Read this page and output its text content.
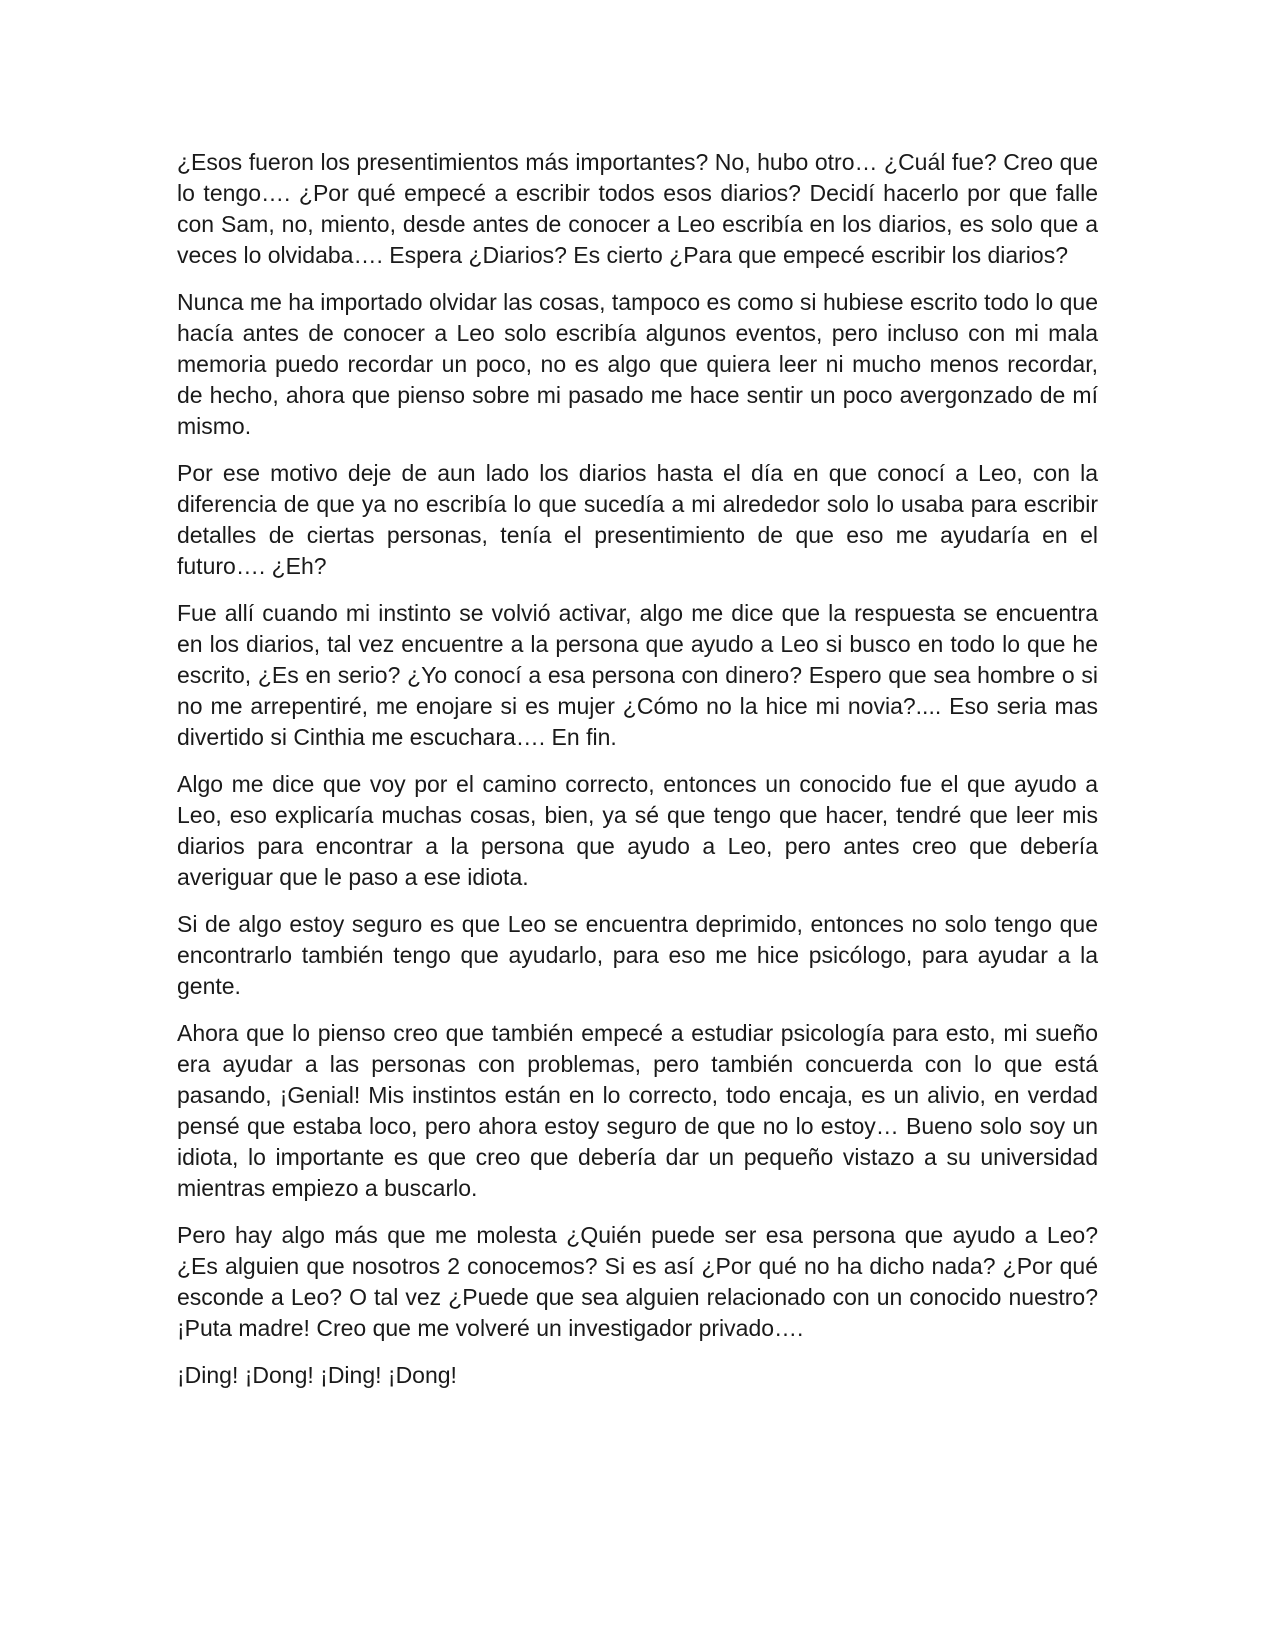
¿Esos fueron los presentimientos más importantes? No, hubo otro… ¿Cuál fue? Creo que lo tengo…. ¿Por qué empecé a escribir todos esos diarios? Decidí hacerlo por que falle con Sam, no, miento, desde antes de conocer a Leo escribía en los diarios, es solo que a veces lo olvidaba…. Espera ¿Diarios? Es cierto ¿Para que empecé escribir los diarios?

Nunca me ha importado olvidar las cosas, tampoco es como si hubiese escrito todo lo que hacía antes de conocer a Leo solo escribía algunos eventos, pero incluso con mi mala memoria puedo recordar un poco, no es algo que quiera leer ni mucho menos recordar, de hecho, ahora que pienso sobre mi pasado me hace sentir un poco avergonzado de mí mismo.

Por ese motivo deje de aun lado los diarios hasta el día en que conocí a Leo, con la diferencia de que ya no escribía lo que sucedía a mi alrededor solo lo usaba para escribir detalles de ciertas personas, tenía el presentimiento de que eso me ayudaría en el futuro…. ¿Eh?

Fue allí cuando mi instinto se volvió activar, algo me dice que la respuesta se encuentra en los diarios, tal vez encuentre a la persona que ayudo a Leo si busco en todo lo que he escrito, ¿Es en serio? ¿Yo conocí a esa persona con dinero? Espero que sea hombre o si no me arrepentiré, me enojare si es mujer ¿Cómo no la hice mi novia?.... Eso seria mas divertido si Cinthia me escuchara…. En fin.

Algo me dice que voy por el camino correcto, entonces un conocido fue el que ayudo a Leo, eso explicaría muchas cosas, bien, ya sé que tengo que hacer, tendré que leer mis diarios para encontrar a la persona que ayudo a Leo, pero antes creo que debería averiguar que le paso a ese idiota.

Si de algo estoy seguro es que Leo se encuentra deprimido, entonces no solo tengo que encontrarlo también tengo que ayudarlo, para eso me hice psicólogo, para ayudar a la gente.

Ahora que lo pienso creo que también empecé a estudiar psicología para esto, mi sueño era ayudar a las personas con problemas, pero también concuerda con lo que está pasando, ¡Genial! Mis instintos están en lo correcto, todo encaja, es un alivio, en verdad pensé que estaba loco, pero ahora estoy seguro de que no lo estoy… Bueno solo soy un idiota, lo importante es que creo que debería dar un pequeño vistazo a su universidad mientras empiezo a buscarlo.

Pero hay algo más que me molesta ¿Quién puede ser esa persona que ayudo a Leo? ¿Es alguien que nosotros 2 conocemos? Si es así ¿Por qué no ha dicho nada? ¿Por qué esconde a Leo? O tal vez ¿Puede que sea alguien relacionado con un conocido nuestro? ¡Puta madre! Creo que me volveré un investigador privado….

¡Ding! ¡Dong! ¡Ding! ¡Dong!
